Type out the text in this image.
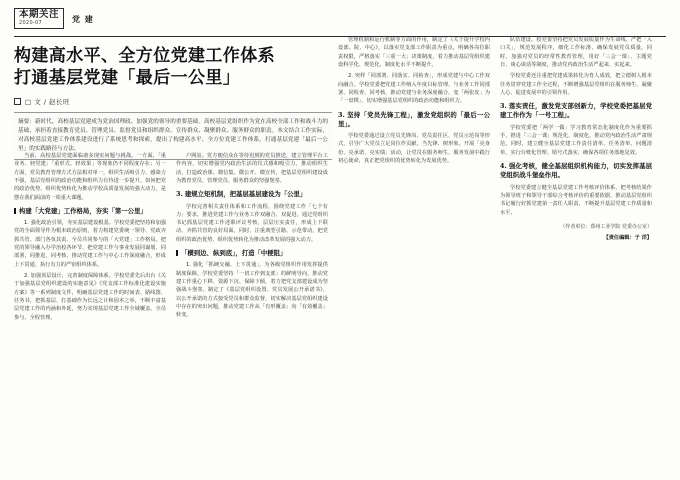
本期关注
2020-07	党 建
构建高水平、全方位党建工作体系
打通基层党建「最后一公里」
□ 文 / 赵长旺
摘要：新时代，高校基层党建成为党治国理政、加强党的领导的重要基础。高校基层党组织作为党在高校全部工作和战斗力的基础，承担着直接教育党员、管理党员、监督党员和组织群众、宣传群众、凝聚群众、服务群众的职责。本文结合工作实际，对高校基层党建工作体系建设进行了系统思考和探索，提出了构建高水平、全方位党建工作体系，打通基层党建「最后一公里」的实践路径与方法。

当前，高校基层党建面临诸多现实问题与挑战。一方面，「重业务、轻党建」「重形式、轻效果」等现象仍不同程度存在；另一方面，党员教育管理方式方法相对单一，组织生活吸引力、感染力不强，基层党组织的政治功能和组织力有待进一步提升。如何把党的政治优势、组织优势转化为推动学校高质量发展的强大动力，是摆在我们面前的一项重大课题。

构建「大党建」工作格局，夯实「第一公里」

1. 强化政治引领，夯实基层建设根基。学校党委把坚持和加强党的全面领导作为根本政治原则，着力构建党委统一领导、党政齐抓共管、部门各负其责、全员共同参与的「大党建」工作格局。把党的领导融入办学治校各环节，把党建工作与事业发展同谋划、同部署、同推进、同考核，推动党建工作与中心工作深度融合，形成上下贯通、执行有力的严密组织体系。

2. 加强顶层设计，完善制度保障体系。学校党委先后出台《关于加强基层党组织建设的实施意见》《党支部工作标准化建设实施方案》等一系列制度文件，明确基层党建工作的时间表、路线图、任务书，把抓基层、打基础作为长远之计和固本之举，不断丰富基层党建工作的内涵和外延，努力实现基层党建工作全域覆盖、全员参与、全程管理。

户网站。党方便信众在等待迟到的党员推送，建立管理平台工作内容，切实增强党内政治生活的仪式感和吸引力，推动组织生活、打造政治课、微信集、微公开、微宣传，把基层党组织建设成为教育党员、管理党员、服务群众的坚强堡垒。

3. 建规立矩机制，把基层基层建设为「公里」

学校完善相关责任体系和工作流程，围绕党建工作「七个有力」要求，推进党建工作与业务工作双融合、双促进。通过党组织书记抓基层党建工作述职评议考核，层层压实责任，形成上下联动、齐抓共管的良好局面。同时，注重典型引路、示范带动，把党组织的政治优势、组织优势转化为推动改革发展的强大动力。

「横到边、纵到底」，打造「中梗阻」

1. 强化「抓硬交融、上下贯通」，为各级党组织作用发挥提供制度保障。学校党委坚持「一切工作到支部」的鲜明导向，推动党建工作重心下移、资源下沉、保障下倾，着力把党支部建设成为坚强战斗堡垒。制定了《基层党组织设置、党员发展公开承诺书》，以公开承诺的方式接受党员和群众监督，切实解决基层党组织建设中存在的突出问题，推动党建工作从「有形覆盖」向「有效覆盖」转变。

管理机制和运行机制等方面的作用，制定了《关于提升学校内设部、院、中心》，以落实党支部工作职责为重点，明确各岗位职责权限，严格落实「三重一大」决策制度，着力推动基层党组织建设科学化、规范化、制度化水平不断提升。

2. 突样「同部署、同落实、同检查」，形成党建与中心工作双向融合。学校党委把党建工作纳入年度目标管理，与业务工作同部署、同检查、同考核，推动党建与业务深度融合，变「两张皮」为「一盘棋」，切实增强基层党组织的政治功能和组织力。

3. 坚持「党员先锋工程」，激发党组织的「最后一公里」。

学校党委通过设立党员先锋岗、党员责任区、党员示范岗等形式，引导广大党员立足岗位作贡献、当先锋、树形象。开展「亮身份、亮承诺、亮实绩」活动，让党员在服务师生、服务发展中践行初心使命，真正把党组织的优势转化为发展优势。

队伍建设。校党委坚持把党员发展质量作为生命线，严把「入口关」，规范发展程序，细化工作标准，确保发展党员质量。同时，加强对党员的经常性教育管理，用好「三会一课」、主题党日、谈心谈话等制度，推动党内政治生活严起来、实起来。

学校党委还注重把党建成果转化为育人成效，把立德树人根本任务贯穿党建工作全过程，不断增强基层党组织在服务师生、凝聚人心、促进发展中的引领作用。

3. 落实责任，激发党支部创新力，学校党委把基层党建工作作为「一号工程」。

学校党委把「两学一做」学习教育常态化制度化作为重要抓手，推进「三会一课」规范化、制度化，推动党内政治生活严肃规范。同时，建立健全基层党建工作责任清单、任务清单、问题清单，实行台账化管理、销号式落实，确保各项任务落地见效。

4. 强化考核，健全基层组织机构能力，切实发挥基层党组织战斗堡垒作用。

学校党委建立健全基层党建工作考核评价体系，把考核结果作为领导班子和领导干部综合考核评价的重要依据，推动基层党组织书记履行好抓党建第一责任人职责，不断提升基层党建工作质量和水平。

（作者单位：郑州工业学院 党委办公室）
【责任编辑：于 洋】
